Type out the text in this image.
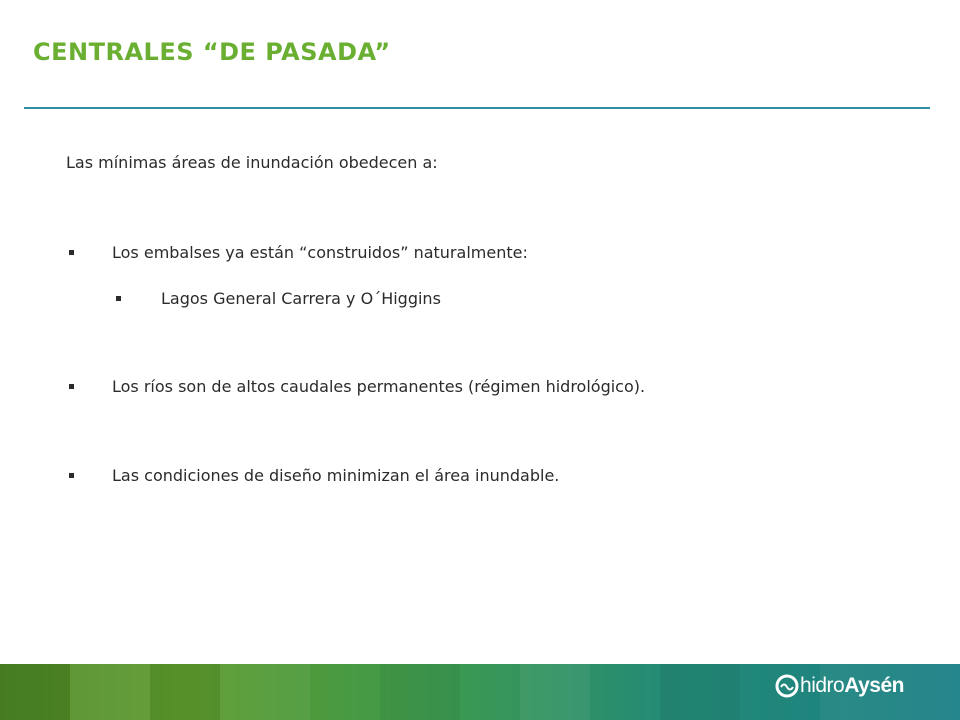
CENTRALES “DE PASADA”
Las mínimas áreas de inundación obedecen a:
Los embalses ya están “construidos” naturalmente:
Lagos General Carrera y O´Higgins
Los ríos son de altos caudales permanentes (régimen hidrológico).
Las condiciones de diseño minimizan el área inundable.
hidroAysén
